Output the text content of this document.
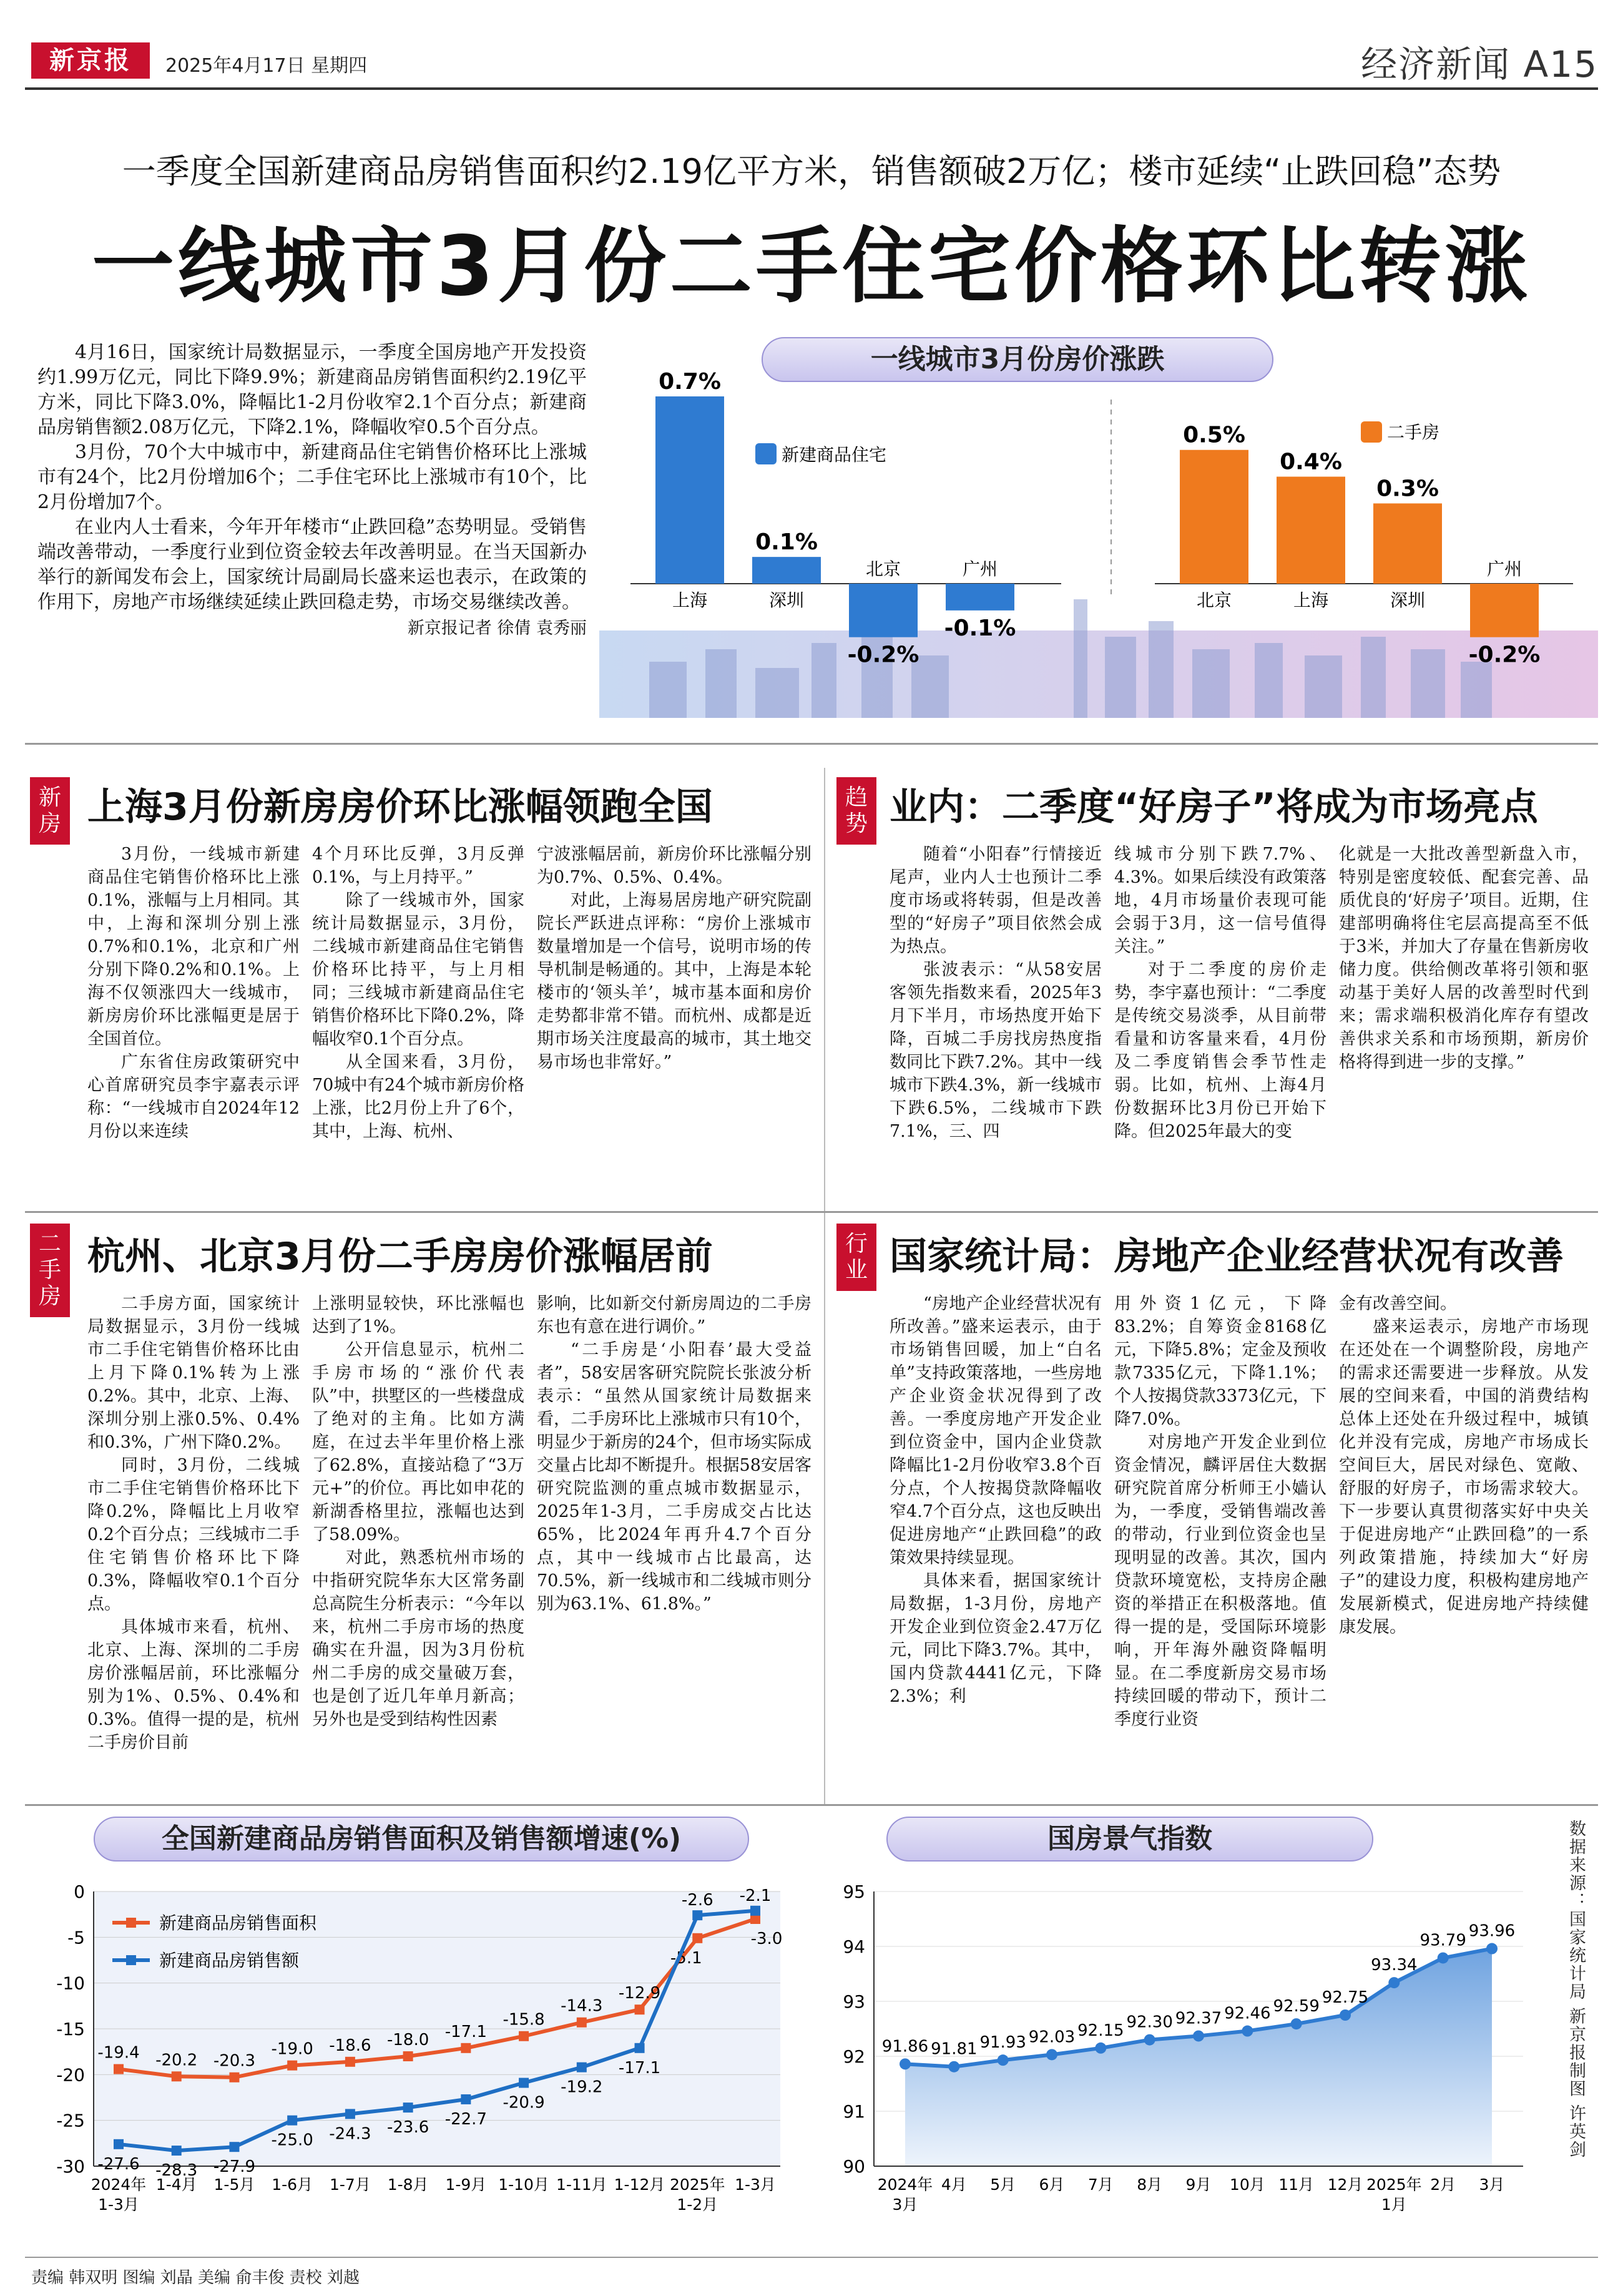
新京报	2025年4月17日 星期四	经济新闻 A15
一季度全国新建商品房销售面积约2.19亿平方米，销售额破2万亿；楼市延续“止跌回稳”态势
一线城市3月份二手住宅价格环比转涨

4月16日，国家统计局数据显示，一季度全国房地产开发投资约1.99万亿元，同比下降9.9%；新建商品房销售面积约2.19亿平方米，同比下降3.0%，降幅比1-2月份收窄2.1个百分点；新建商品房销售额2.08万亿元，下降2.1%，降幅收窄0.5个百分点。

3月份，70个大中城市中，新建商品住宅销售价格环比上涨城市有24个，比2月份增加6个；二手住宅环比上涨城市有10个，比2月份增加7个。

在业内人士看来，今年开年楼市“止跌回稳”态势明显。受销售端改善带动，一季度行业到位资金较去年改善明显。在当天国新办举行的新闻发布会上，国家统计局副局长盛来运也表示，在政策的作用下，房地产市场继续延续止跌回稳走势，市场交易继续改善。

新京报记者 徐倩 袁秀丽
一线城市3月份房价涨跌
新建商品住宅
二手房
0.7%
上海
0.1%
深圳
-0.2%
北京
-0.1%
广州
0.5%
北京
0.4%
上海
0.3%
深圳
-0.2%
广州
新房 上海3月份新房房价环比涨幅领跑全国

3月份，一线城市新建商品住宅销售价格环比上涨0.1%，涨幅与上月相同。其中，上海和深圳分别上涨0.7%和0.1%，北京和广州分别下降0.2%和0.1%。上海不仅领涨四大一线城市，新房房价环比涨幅更是居于全国首位。

广东省住房政策研究中心首席研究员李宇嘉表示评称：“一线城市自2024年12月份以来连续

4个月环比反弹，3月反弹0.1%，与上月持平。”

除了一线城市外，国家统计局数据显示，3月份，二线城市新建商品住宅销售价格环比持平，与上月相同；三线城市新建商品住宅销售价格环比下降0.2%，降幅收窄0.1个百分点。

从全国来看，3月份，70城中有24个城市新房价格上涨，比2月份上升了6个，其中，上海、杭州、

宁波涨幅居前，新房价环比涨幅分别为0.7%、0.5%、0.4%。

对此，上海易居房地产研究院副院长严跃进点评称：“房价上涨城市数量增加是一个信号，说明市场的传导机制是畅通的。其中，上海是本轮楼市的‘领头羊’，城市基本面和房价走势都非常不错。而杭州、成都是近期市场关注度最高的城市，其土地交易市场也非常好。”

趋势 业内：二季度“好房子”将成为市场亮点

随着“小阳春”行情接近尾声，业内人士也预计二季度市场或将转弱，但是改善型的“好房子”项目依然会成为热点。

张波表示：“从58安居客领先指数来看，2025年3月下半月，市场热度开始下降，百城二手房找房热度指数同比下跌7.2%。其中一线城市下跌4.3%，新一线城市下跌6.5%，二线城市下跌7.1%，三、四

线城市分别下跌7.7%、4.3%。如果后续没有政策落地，4月市场量价表现可能会弱于3月，这一信号值得关注。”

对于二季度的房价走势，李宇嘉也预计：“二季度是传统交易淡季，从目前带看量和访客量来看，4月份及二季度销售会季节性走弱。比如，杭州、上海4月份数据环比3月份已开始下降。但2025年最大的变

化就是一大批改善型新盘入市，特别是密度较低、配套完善、品质优良的‘好房子’项目。近期，住建部明确将住宅层高提高至不低于3米，并加大了存量在售新房收储力度。供给侧改革将引领和驱动基于美好人居的改善型时代到来；需求端积极消化库存有望改善供求关系和市场预期，新房价格将得到进一步的支撑。”

二手房
杭州、北京3月份二手房房价涨幅居前

二手房方面，国家统计局数据显示，3月份一线城市二手住宅销售价格环比由上月下降0.1%转为上涨0.2%。其中，北京、上海、深圳分别上涨0.5%、0.4%和0.3%，广州下降0.2%。

同时，3月份，二线城市二手住宅销售价格环比下降0.2%，降幅比上月收窄0.2个百分点；三线城市二手住宅销售价格环比下降0.3%，降幅收窄0.1个百分点。

具体城市来看，杭州、北京、上海、深圳的二手房房价涨幅居前，环比涨幅分别为1%、0.5%、0.4%和0.3%。值得一提的是，杭州二手房价目前

上涨明显较快，环比涨幅也达到了1%。

公开信息显示，杭州二手房市场的“涨价代表队”中，拱墅区的一些楼盘成了绝对的主角。比如方满庭，在过去半年里价格上涨了62.8%，直接站稳了“3万元+”的价位。再比如申花的新湖香格里拉，涨幅也达到了58.09%。

对此，熟悉杭州市场的中指研究院华东大区常务副总高院生分析表示：“今年以来，杭州二手房市场的热度确实在升温，因为3月份杭州二手房的成交量破万套，也是创了近几年单月新高；另外也是受到结构性因素

影响，比如新交付新房周边的二手房东也有意在进行调价。”

“二手房是‘小阳春’最大受益者”，58安居客研究院院长张波分析表示：“虽然从国家统计局数据来看，二手房环比上涨城市只有10个，明显少于新房的24个，但市场实际成交量占比却不断提升。根据58安居客研究院监测的重点城市数据显示，2025年1-3月，二手房成交占比达65%，比2024年再升4.7个百分点，其中一线城市占比最高，达70.5%，新一线城市和二线城市则分别为63.1%、61.8%。”

行业 国家统计局：房地产企业经营状况有改善

“房地产企业经营状况有所改善。”盛来运表示，由于市场销售回暖，加上“白名单”支持政策落地，一些房地产企业资金状况得到了改善。一季度房地产开发企业到位资金中，国内企业贷款降幅比1-2月份收窄3.8个百分点，个人按揭贷款降幅收窄4.7个百分点，这也反映出促进房地产“止跌回稳”的政策效果持续显现。

具体来看，据国家统计局数据，1-3月份，房地产开发企业到位资金2.47万亿元，同比下降3.7%。其中，国内贷款4441亿元，下降2.3%；利

用外资1亿元，下降83.2%；自筹资金8168亿元，下降5.8%；定金及预收款7335亿元，下降1.1%；个人按揭贷款3373亿元，下降7.0%。

对房地产开发企业到位资金情况，麟评居住大数据研究院首席分析师王小嫱认为，一季度，受销售端改善的带动，行业到位资金也呈现明显的改善。其次，国内贷款环境宽松，支持房企融资的举措正在积极落地。值得一提的是，受国际环境影响，开年海外融资降幅明显。在二季度新房交易市场持续回暖的带动下，预计二季度行业资

金有改善空间。

盛来运表示，房地产市场现在还处在一个调整阶段，房地产的需求还需要进一步释放。从发展的空间来看，中国的消费结构总体上还处在升级过程中，城镇化并没有完成，房地产市场成长空间巨大，居民对绿色、宽敞、舒服的好房子，市场需求较大。下一步要认真贯彻落实好中央关于促进房地产“止跌回稳”的一系列政策措施，持续加大“好房子”的建设力度，积极构建房地产发展新模式，促进房地产持续健康发展。

全国新建商品房销售面积及销售额增速(%)
0
-5
-10
-15
-20
-25
-30
2024年
1-3月
1-4月 1-5月 1-6月 1-7月 1-8月 1-9月 1-10月 1-11月 1-12月 2025年
1-2月
1-3月
-19.4 -20.2 -20.3
-19.0 -18.6 -18.0 -17.1
-15.8
-14.3
-12.9
-5.1
-3.0
-27.6 -28.3 -27.9
-25.0 -24.3 -23.6 -22.7
-20.9
-19.2
-17.1
-2.6 -2.1
新建商品房销售面积
新建商品房销售额
国房景气指数
95
94
93
92
91
90
91.86 91.81 91.93 92.03 92.15 92.30 92.37 92.46 92.59 92.75
93.34
93.79 93.96
2024年
3月
4月 5月 6月 7月 8月 9月 10月 11月 12月 2025年
1月
2月 3月
数据来源：国家统计局 新京报制图 许英剑
责编 韩双明 图编 刘晶 美编 俞丰俊 责校 刘越
